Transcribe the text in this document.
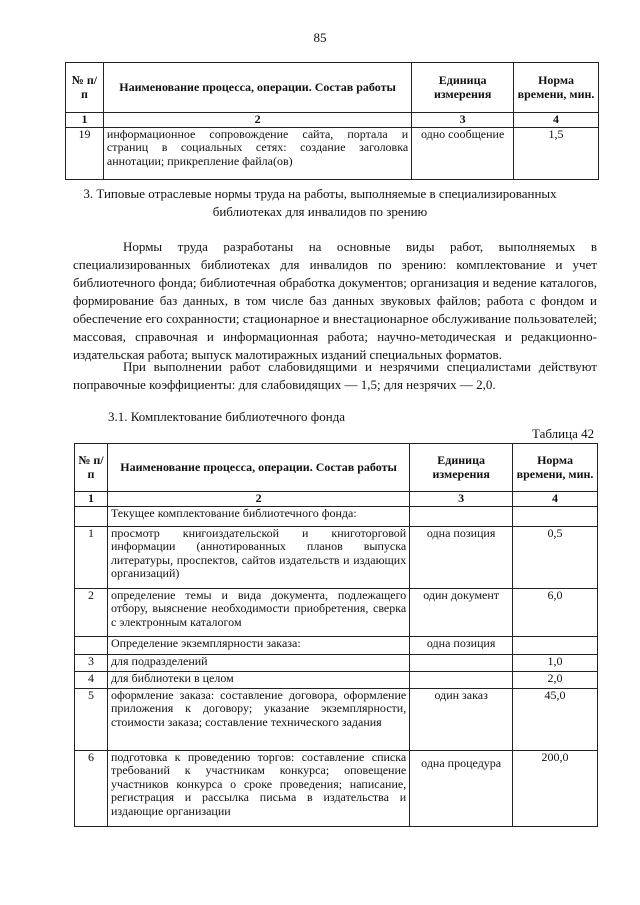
85
№ п/п	Наименование процесса, операции. Состав работы	Единица измерения	Норма времени, мин.
1	2	3	4
19	информационное сопровождение сайта, портала и страниц в социальных сетях: создание заголовка аннотации; прикрепление файла(ов)	одно сообщение	1,5
3. Типовые отраслевые нормы труда на работы, выполняемые в специализированных библиотеках для инвалидов по зрению
Нормы труда разработаны на основные виды работ, выполняемых в специализированных библиотеках для инвалидов по зрению: комплектование и учет библиотечного фонда; библиотечная обработка документов; организация и ведение каталогов, формирование баз данных, в том числе баз данных звуковых файлов; работа с фондом и обеспечение его сохранности; стационарное и внестационарное обслуживание пользователей; массовая, справочная и информационная работа; научно-методическая и редакционно-издательская работа; выпуск малотиражных изданий специальных форматов.
При выполнении работ слабовидящими и незрячими специалистами действуют поправочные коэффициенты: для слабовидящих — 1,5; для незрячих — 2,0.
3.1. Комплектование библиотечного фонда
Таблица 42
№ п/п	Наименование процесса, операции. Состав работы	Единица измерения	Норма времени, мин.
1	2	3	4
	Текущее комплектование библиотечного фонда:		
1	просмотр книгоиздательской и книготорговой информации (аннотированных планов выпуска литературы, проспектов, сайтов издательств и издающих организаций)	одна позиция	0,5
2	определение темы и вида документа, подлежащего отбору, выяснение необходимости приобретения, сверка с электронным каталогом	один документ	6,0
	Определение экземплярности заказа:	одна позиция	
3	для подразделений		1,0
4	для библиотеки в целом		2,0
5	оформление заказа: составление договора, оформление приложения к договору; указание экземплярности, стоимости заказа; составление технического задания	один заказ	45,0
6	подготовка к проведению торгов: составление списка требований к участникам конкурса; оповещение участников конкурса о сроке проведения; написание, регистрация и рассылка письма в издательства и издающие организации	одна процедура	200,0
